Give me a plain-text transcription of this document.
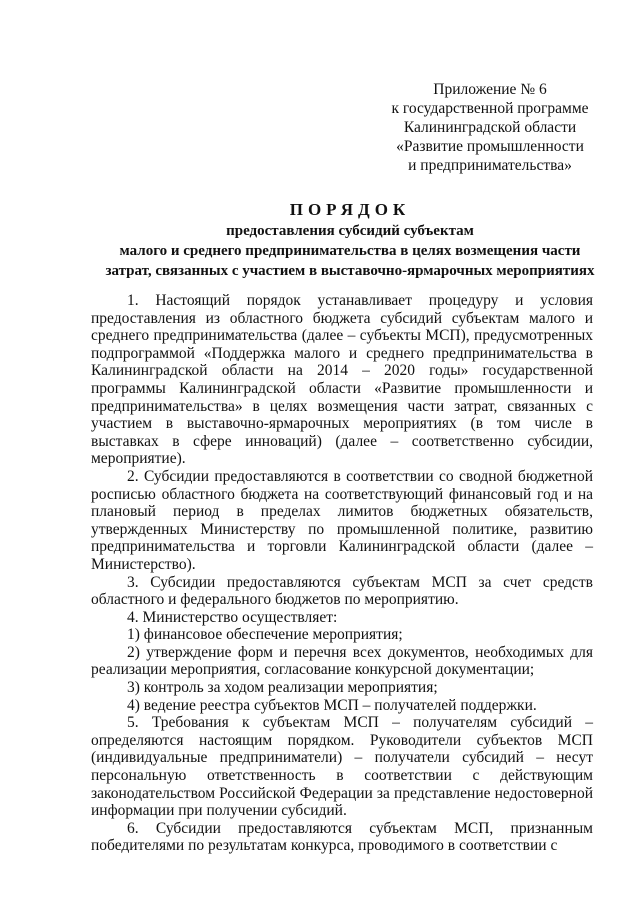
Приложение № 6
к государственной программе
Калининградской области
«Развитие промышленности
и предпринимательства»
ПОРЯДОК
предоставления субсидий субъектам
малого и среднего предпринимательства в целях возмещения части
затрат, связанных с участием в выставочно-ярмарочных мероприятиях
1. Настоящий порядок устанавливает процедуру и условия предоставления из областного бюджета субсидий субъектам малого и среднего предпринимательства (далее – субъекты МСП), предусмотренных подпрограммой «Поддержка малого и среднего предпринимательства в Калининградской области на 2014 – 2020 годы» государственной программы Калининградской области «Развитие промышленности и предпринимательства» в целях возмещения части затрат, связанных с участием в выставочно-ярмарочных мероприятиях (в том числе в выставках в сфере инноваций) (далее – соответственно субсидии, мероприятие).
2. Субсидии предоставляются в соответствии со сводной бюджетной росписью областного бюджета на соответствующий финансовый год и на плановый период в пределах лимитов бюджетных обязательств, утвержденных Министерству по промышленной политике, развитию предпринимательства и торговли Калининградской области (далее – Министерство).
3. Субсидии предоставляются субъектам МСП за счет средств областного и федерального бюджетов по мероприятию.
4. Министерство осуществляет:
1) финансовое обеспечение мероприятия;
2) утверждение форм и перечня всех документов, необходимых для реализации мероприятия, согласование конкурсной документации;
3) контроль за ходом реализации мероприятия;
4) ведение реестра субъектов МСП – получателей поддержки.
5. Требования к субъектам МСП – получателям субсидий – определяются настоящим порядком. Руководители субъектов МСП (индивидуальные предприниматели) – получатели субсидий – несут персональную ответственность в соответствии с действующим законодательством Российской Федерации за представление недостоверной информации при получении субсидий.
6. Субсидии предоставляются субъектам МСП, признанным победителями по результатам конкурса, проводимого в соответствии с
